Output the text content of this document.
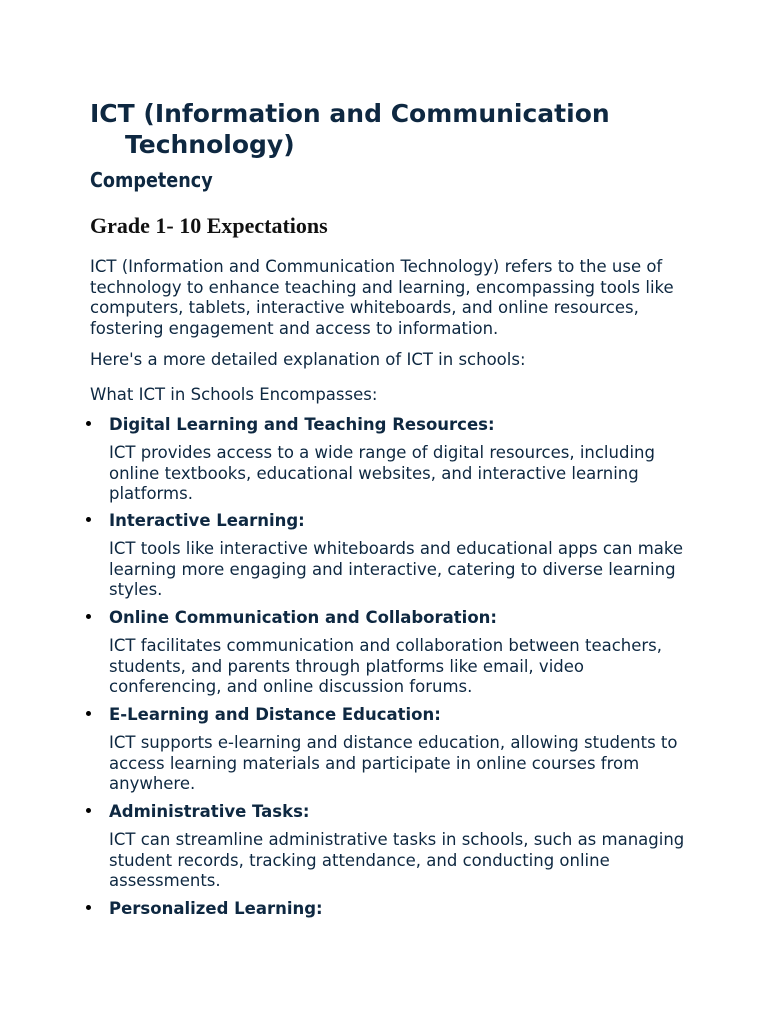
ICT (Information and Communication Technology)
Competency
Grade 1- 10 Expectations

ICT (Information and Communication Technology) refers to the use of technology to enhance teaching and learning, encompassing tools like computers, tablets, interactive whiteboards, and online resources, fostering engagement and access to information.

Here's a more detailed explanation of ICT in schools:

What ICT in Schools Encompasses:

Digital Learning and Teaching Resources:

ICT provides access to a wide range of digital resources, including online textbooks, educational websites, and interactive learning platforms.

Interactive Learning:

ICT tools like interactive whiteboards and educational apps can make learning more engaging and interactive, catering to diverse learning styles.

Online Communication and Collaboration:

ICT facilitates communication and collaboration between teachers, students, and parents through platforms like email, video conferencing, and online discussion forums.

E-Learning and Distance Education:

ICT supports e-learning and distance education, allowing students to access learning materials and participate in online courses from anywhere.

Administrative Tasks:

ICT can streamline administrative tasks in schools, such as managing student records, tracking attendance, and conducting online assessments.

Personalized Learning:
